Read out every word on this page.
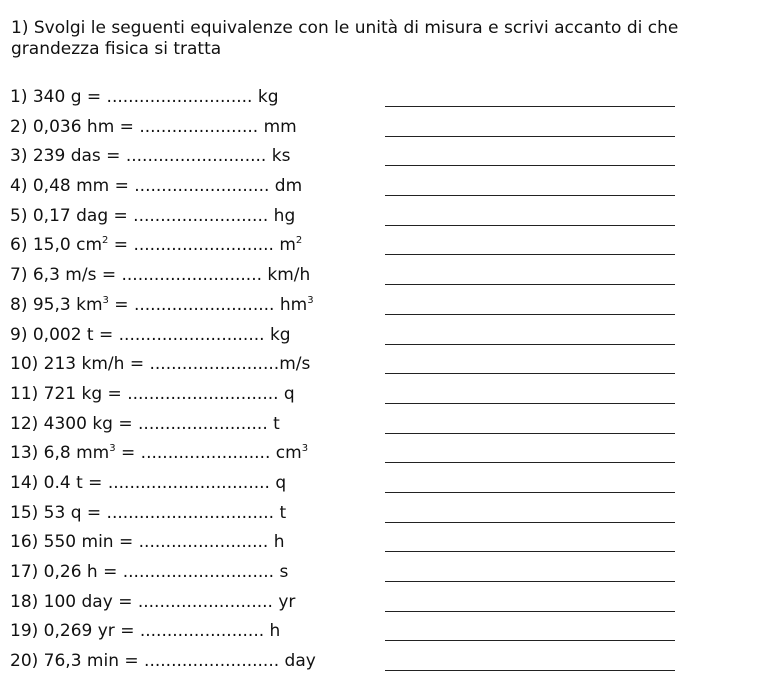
1) Svolgi le seguenti equivalenze con le unità di misura e scrivi accanto di che grandezza fisica si tratta
1) 340 g = ........................... kg
2) 0,036 hm = ...................... mm
3) 239 das = .......................... ks
4) 0,48 mm = ......................... dm
5) 0,17 dag = ......................... hg
6) 15,0 $cm^2$ = .......................... $m^2$
7) 6,3 m/s = .......................... km/h
8) 95,3 $km^3$ = .......................... $hm^3$
9) 0,002 t = ........................... kg
10) 213 km/h = ........................m/s
11) 721 kg = ............................ q
12) 4300 kg = ........................ t
13) 6,8 $mm^3$ = ........................ $cm^3$
14) 0.4 t = .............................. q
15) 53 q = ............................... t
16) 550 min = ........................ h
17) 0,26 h = ............................ s
18) 100 day = ......................... yr
19) 0,269 yr = ....................... h
20) 76,3 min = ......................... day
